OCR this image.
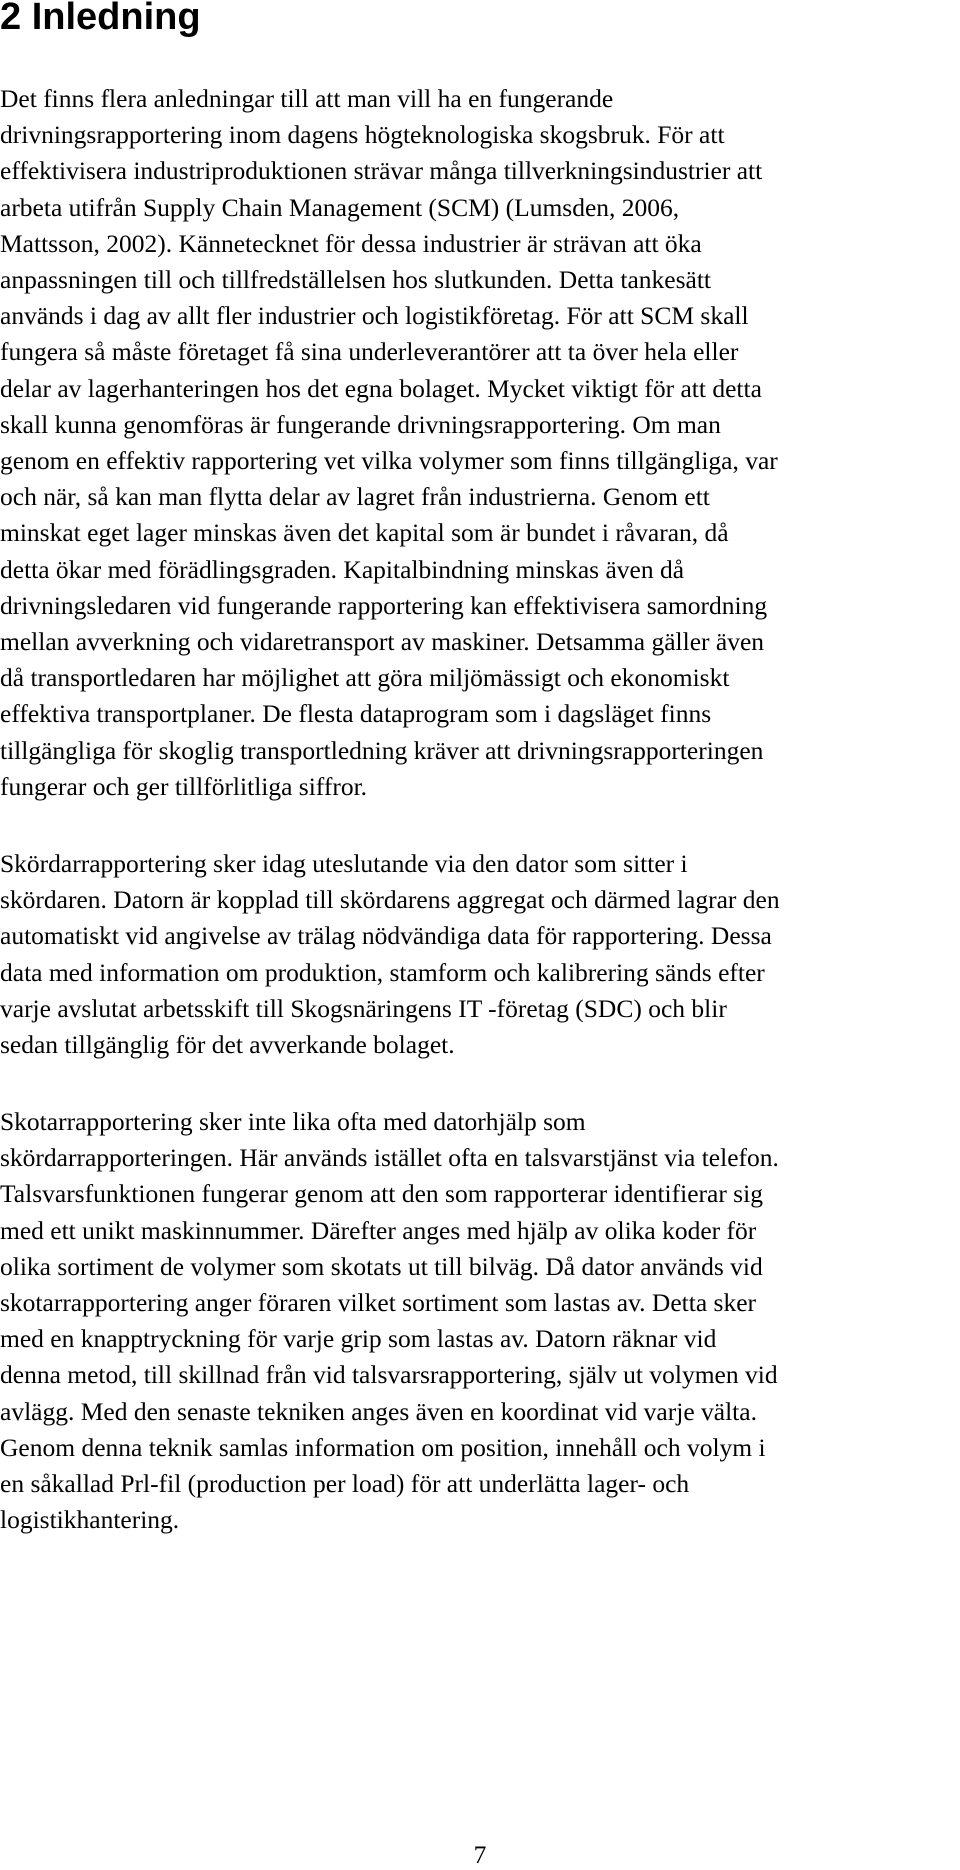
2 Inledning

Det finns flera anledningar till att man vill ha en fungerande
drivningsrapportering inom dagens högteknologiska skogsbruk. För att
effektivisera industriproduktionen strävar många tillverkningsindustrier att
arbeta utifrån Supply Chain Management (SCM) (Lumsden, 2006,
Mattsson, 2002). Kännetecknet för dessa industrier är strävan att öka
anpassningen till och tillfredställelsen hos slutkunden. Detta tankesätt
används i dag av allt fler industrier och logistikföretag. För att SCM skall
fungera så måste företaget få sina underleverantörer att ta över hela eller
delar av lagerhanteringen hos det egna bolaget. Mycket viktigt för att detta
skall kunna genomföras är fungerande drivningsrapportering. Om man
genom en effektiv rapportering vet vilka volymer som finns tillgängliga, var
och när, så kan man flytta delar av lagret från industrierna. Genom ett
minskat eget lager minskas även det kapital som är bundet i råvaran, då
detta ökar med förädlingsgraden. Kapitalbindning minskas även då
drivningsledaren vid fungerande rapportering kan effektivisera samordning
mellan avverkning och vidaretransport av maskiner. Detsamma gäller även
då transportledaren har möjlighet att göra miljömässigt och ekonomiskt
effektiva transportplaner. De flesta dataprogram som i dagsläget finns
tillgängliga för skoglig transportledning kräver att drivningsrapporteringen
fungerar och ger tillförlitliga siffror.

Skördarrapportering sker idag uteslutande via den dator som sitter i
skördaren. Datorn är kopplad till skördarens aggregat och därmed lagrar den
automatiskt vid angivelse av trälag nödvändiga data för rapportering. Dessa
data med information om produktion, stamform och kalibrering sänds efter
varje avslutat arbetsskift till Skogsnäringens IT -företag (SDC) och blir
sedan tillgänglig för det avverkande bolaget.

Skotarrapportering sker inte lika ofta med datorhjälp som
skördarrapporteringen. Här används istället ofta en talsvarstjänst via telefon.
Talsvarsfunktionen fungerar genom att den som rapporterar identifierar sig
med ett unikt maskinnummer. Därefter anges med hjälp av olika koder för
olika sortiment de volymer som skotats ut till bilväg. Då dator används vid
skotarrapportering anger föraren vilket sortiment som lastas av. Detta sker
med en knapptryckning för varje grip som lastas av. Datorn räknar vid
denna metod, till skillnad från vid talsvarsrapportering, själv ut volymen vid
avlägg. Med den senaste tekniken anges även en koordinat vid varje välta.
Genom denna teknik samlas information om position, innehåll och volym i
en såkallad Prl-fil (production per load) för att underlätta lager- och
logistikhantering.

7
